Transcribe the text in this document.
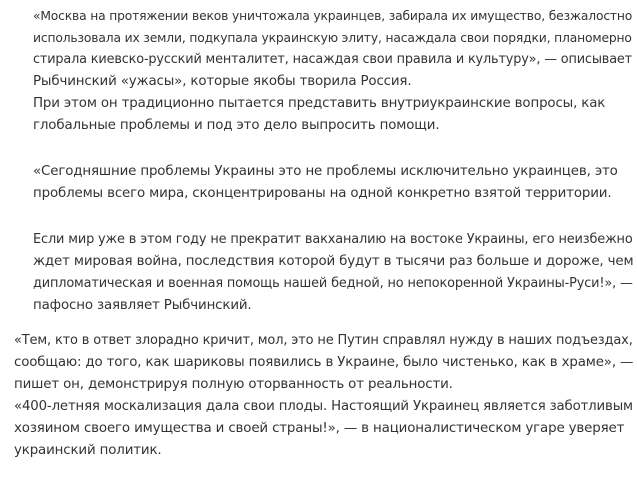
«Москва на протяжении веков уничтожала украинцев, забирала их имущество, безжалостно
использовала их земли, подкупала украинскую элиту, насаждала свои порядки, планомерно
стирала киевско-русский менталитет, насаждая свои правила и культуру», — описывает
Рыбчинский «ужасы», которые якобы творила Россия.
При этом он традиционно пытается представить внутриукраинские вопросы, как
глобальные проблемы и под это дело выпросить помощи.
«Сегодняшние проблемы Украины это не проблемы исключительно украинцев, это
проблемы всего мира, сконцентрированы на одной конкретно взятой территории.
Если мир уже в этом году не прекратит вакханалию на востоке Украины, его неизбежно
ждет мировая война, последствия которой будут в тысячи раз больше и дороже, чем
дипломатическая и военная помощь нашей бедной, но непокоренной Украины-Руси!», —
пафосно заявляет Рыбчинский.
«Тем, кто в ответ злорадно кричит, мол, это не Путин справлял нужду в наших подъездах,
сообщаю: до того, как шариковы появились в Украине, было чистенько, как в храме», —
пишет он, демонстрируя полную оторванность от реальности.
«400-летняя москализация дала свои плоды. Настоящий Украинец является заботливым
хозяином своего имущества и своей страны!», — в националистическом угаре уверяет
украинский политик.
